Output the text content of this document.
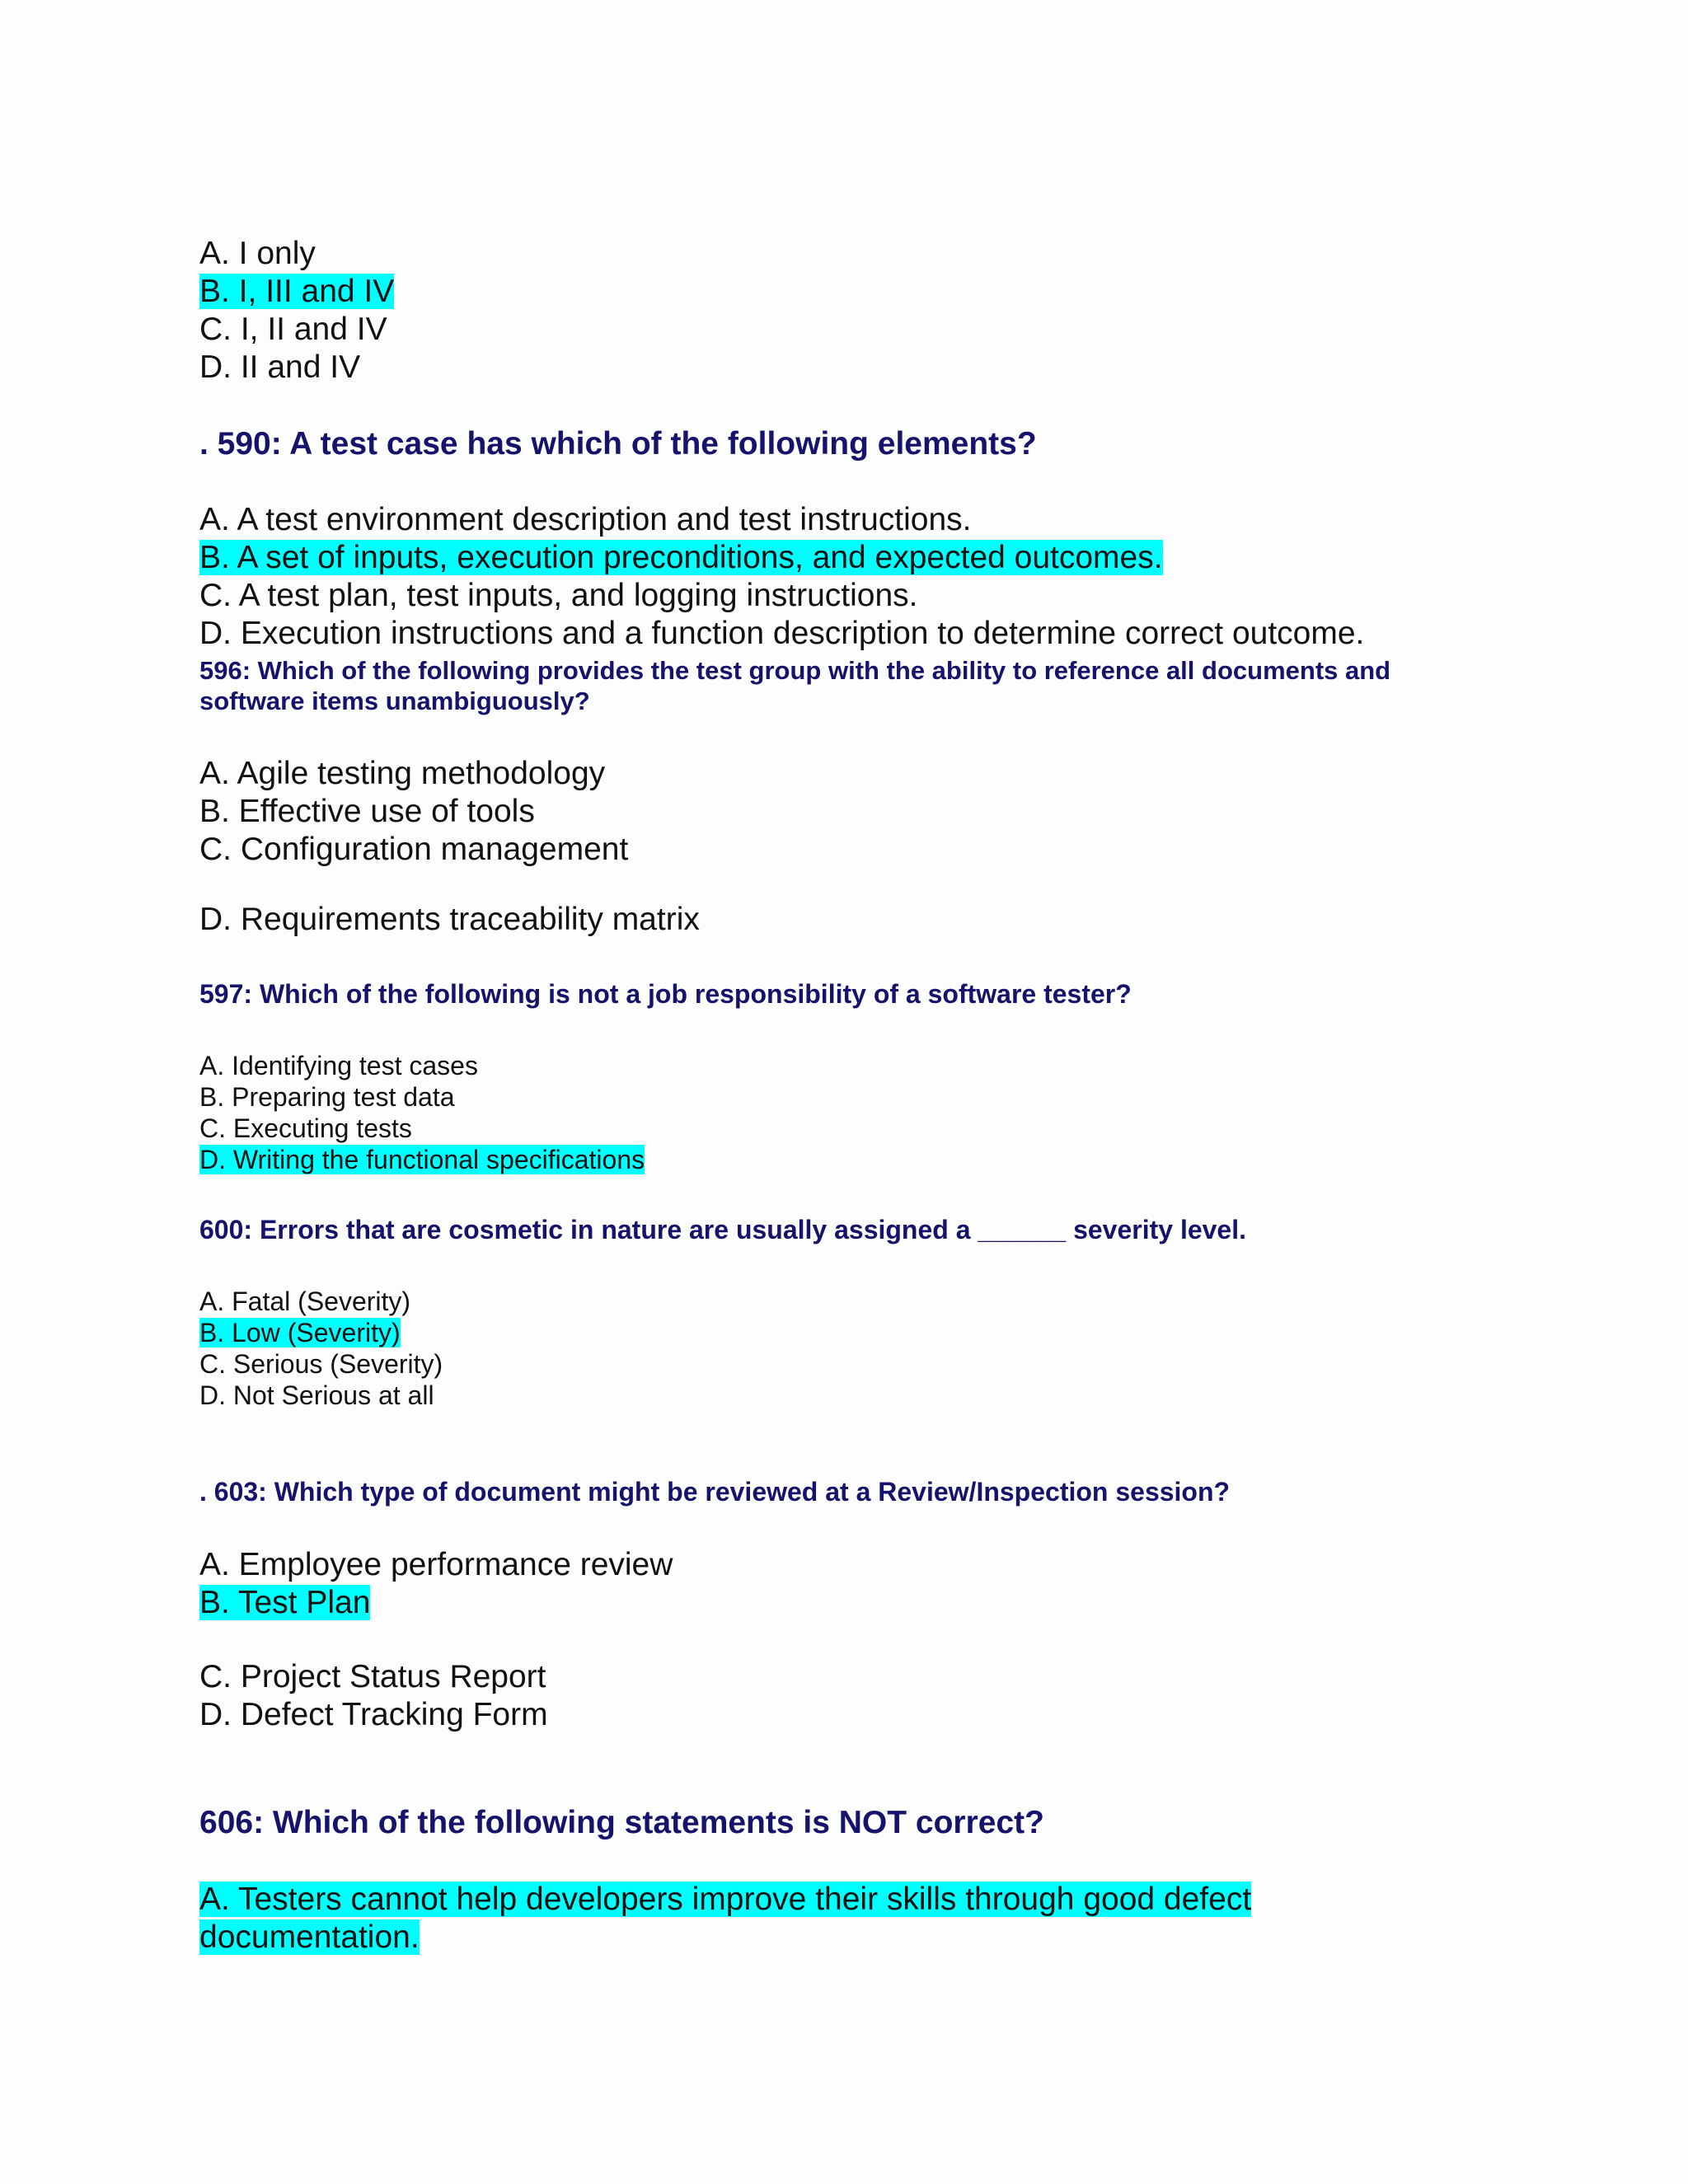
A. I only
B. I, III and IV
C. I, II and IV
D. II and IV
. 590: A test case has which of the following elements?
A. A test environment description and test instructions.
B. A set of inputs, execution preconditions, and expected outcomes.
C. A test plan, test inputs, and logging instructions.
D. Execution instructions and a function description to determine correct outcome.
596: Which of the following provides the test group with the ability to reference all documents and software items unambiguously?
A. Agile testing methodology
B. Effective use of tools
C. Configuration management
D. Requirements traceability matrix
597: Which of the following is not a job responsibility of a software tester?
A. Identifying test cases
B. Preparing test data
C. Executing tests
D. Writing the functional specifications
600: Errors that are cosmetic in nature are usually assigned a ______ severity level.
A. Fatal (Severity)
B. Low (Severity)
C. Serious (Severity)
D. Not Serious at all
. 603: Which type of document might be reviewed at a Review/Inspection session?
A. Employee performance review
B. Test Plan
C. Project Status Report
D. Defect Tracking Form
606: Which of the following statements is NOT correct?
A. Testers cannot help developers improve their skills through good defect documentation.
